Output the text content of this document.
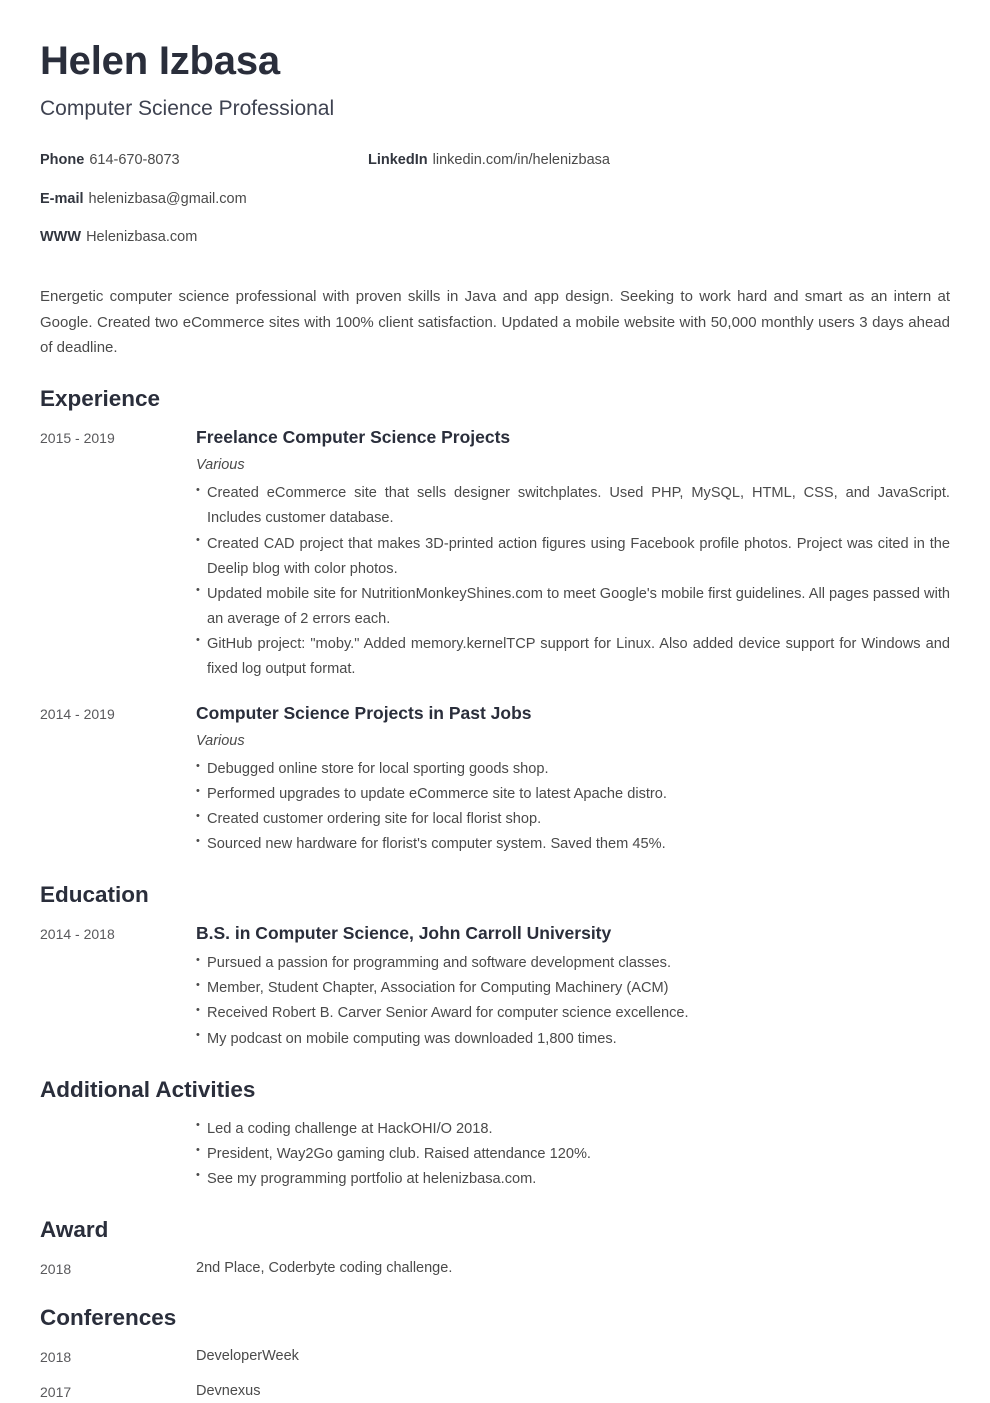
Helen Izbasa
Computer Science Professional
Phone 614-670-8073
E-mail helenizbasa@gmail.com
WWW Helenizbasa.com
LinkedIn linkedin.com/in/helenizbasa

Energetic computer science professional with proven skills in Java and app design. Seeking to work hard and smart as an intern at Google. Created two eCommerce sites with 100% client satisfaction. Updated a mobile website with 50,000 monthly users 3 days ahead of deadline.

Experience
2015 - 2019	Freelance Computer Science Projects
Various
• Created eCommerce site that sells designer switchplates. Used PHP, MySQL, HTML, CSS, and JavaScript. Includes customer database.
• Created CAD project that makes 3D-printed action figures using Facebook profile photos. Project was cited in the Deelip blog with color photos.
• Updated mobile site for NutritionMonkeyShines.com to meet Google's mobile first guidelines. All pages passed with an average of 2 errors each.
• GitHub project: "moby." Added memory.kernelTCP support for Linux. Also added device support for Windows and fixed log output format.
2014 - 2019	Computer Science Projects in Past Jobs
Various
• Debugged online store for local sporting goods shop.
• Performed upgrades to update eCommerce site to latest Apache distro.
• Created customer ordering site for local florist shop.
• Sourced new hardware for florist's computer system. Saved them 45%.
Education
2014 - 2018	B.S. in Computer Science, John Carroll University
• Pursued a passion for programming and software development classes.
• Member, Student Chapter, Association for Computing Machinery (ACM)
• Received Robert B. Carver Senior Award for computer science excellence.
• My podcast on mobile computing was downloaded 1,800 times.
Additional Activities
• Led a coding challenge at HackOHI/O 2018.
• President, Way2Go gaming club. Raised attendance 120%.
• See my programming portfolio at helenizbasa.com.
Award
2018	2nd Place, Coderbyte coding challenge.

Conferences
2018	DeveloperWeek

2017	Devnexus
